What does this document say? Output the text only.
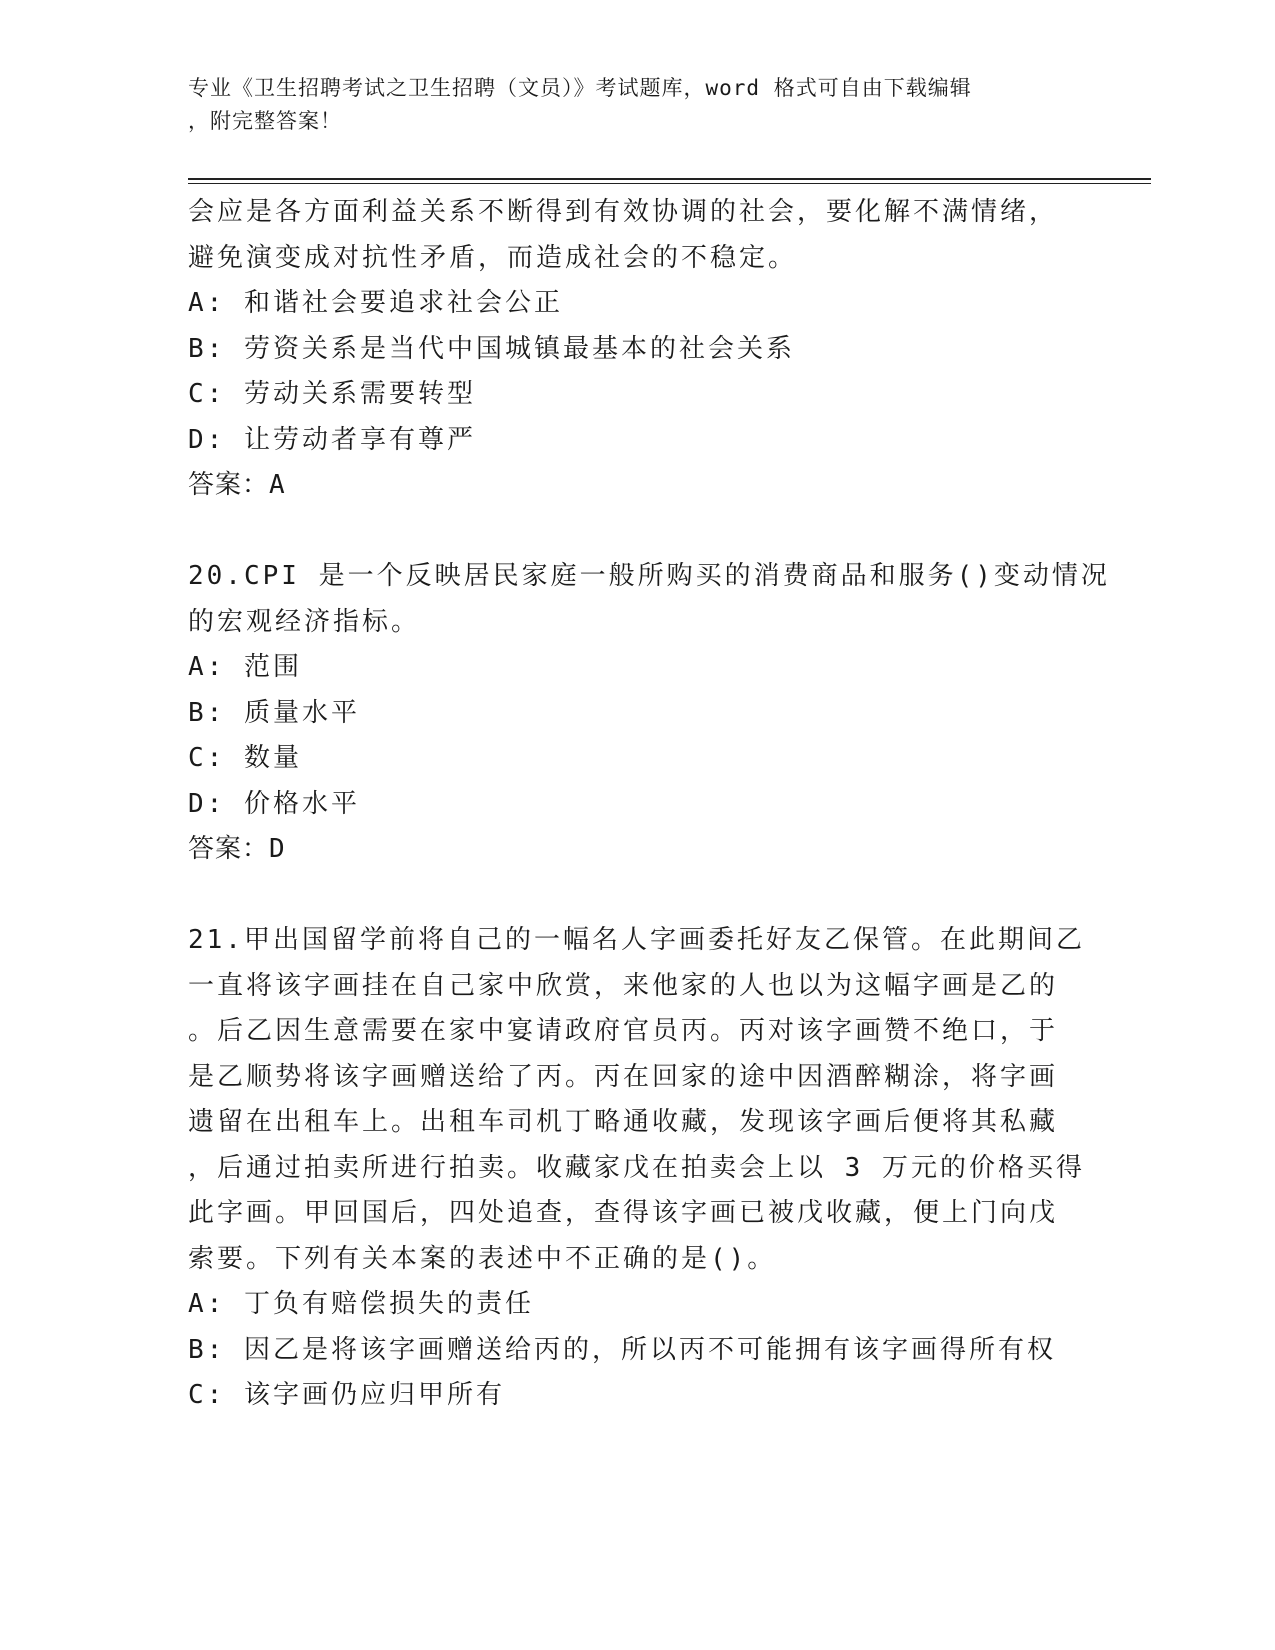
专业《卫生招聘考试之卫生招聘（文员）》考试题库，word 格式可自由下载编辑
，附完整答案！
会应是各方面利益关系不断得到有效协调的社会，要化解不满情绪，
避免演变成对抗性矛盾，而造成社会的不稳定。
A: 和谐社会要追求社会公正
B: 劳资关系是当代中国城镇最基本的社会关系
C: 劳动关系需要转型
D: 让劳动者享有尊严
答案：A
20.CPI 是一个反映居民家庭一般所购买的消费商品和服务()变动情况
的宏观经济指标。
A: 范围
B: 质量水平
C: 数量
D: 价格水平
答案：D
21.甲出国留学前将自己的一幅名人字画委托好友乙保管。在此期间乙
一直将该字画挂在自己家中欣赏，来他家的人也以为这幅字画是乙的
。后乙因生意需要在家中宴请政府官员丙。丙对该字画赞不绝口，于
是乙顺势将该字画赠送给了丙。丙在回家的途中因酒醉糊涂，将字画
遗留在出租车上。出租车司机丁略通收藏，发现该字画后便将其私藏
，后通过拍卖所进行拍卖。收藏家戊在拍卖会上以 3 万元的价格买得
此字画。甲回国后，四处追查，查得该字画已被戊收藏，便上门向戊
索要。下列有关本案的表述中不正确的是()。
A: 丁负有赔偿损失的责任
B: 因乙是将该字画赠送给丙的，所以丙不可能拥有该字画得所有权
C: 该字画仍应归甲所有
